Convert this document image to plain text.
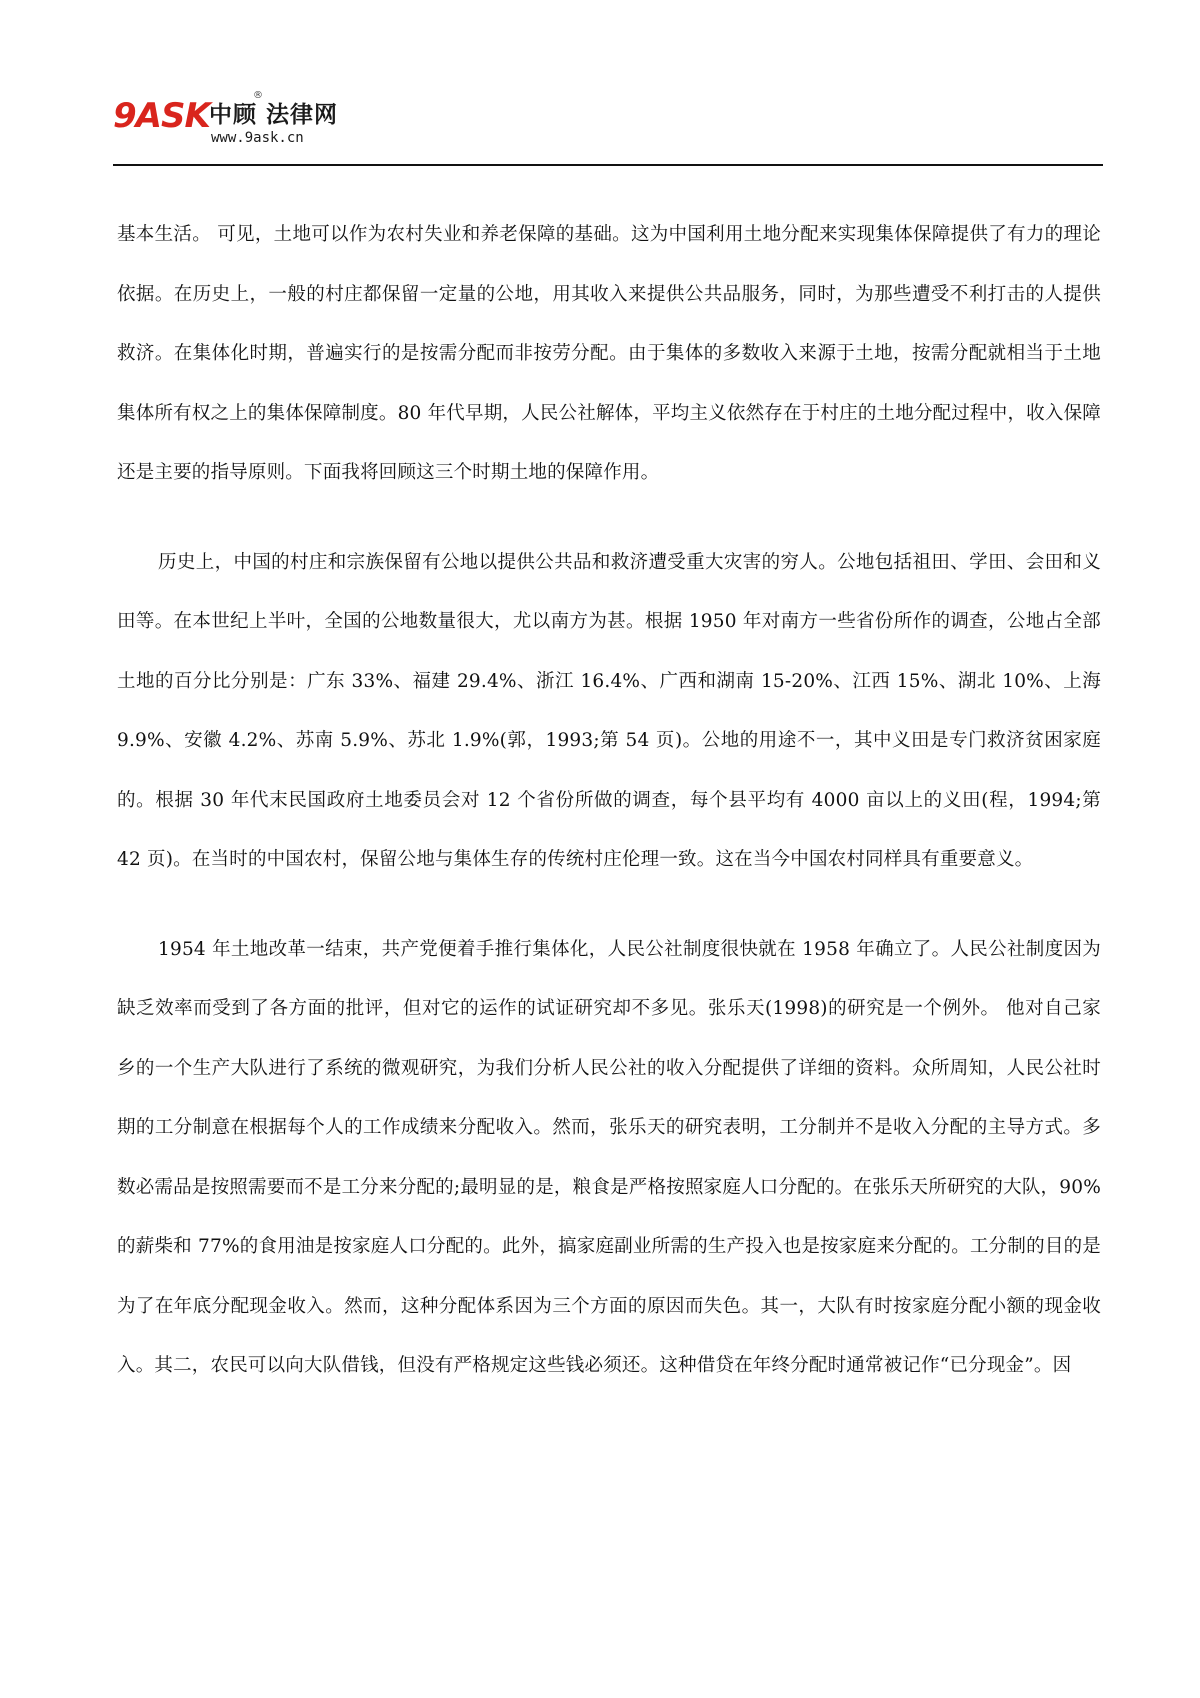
9ASK 中顾 法律网
®
www.9ask.cn

基本生活。 可见，土地可以作为农村失业和养老保障的基础。这为中国利用土地分配来实现集体保障提供了有力的理论依据。在历史上，一般的村庄都保留一定量的公地，用其收入来提供公共品服务，同时，为那些遭受不利打击的人提供救济。在集体化时期，普遍实行的是按需分配而非按劳分配。由于集体的多数收入来源于土地，按需分配就相当于土地集体所有权之上的集体保障制度。80 年代早期，人民公社解体，平均主义依然存在于村庄的土地分配过程中，收入保障还是主要的指导原则。下面我将回顾这三个时期土地的保障作用。

历史上，中国的村庄和宗族保留有公地以提供公共品和救济遭受重大灾害的穷人。公地包括祖田、学田、会田和义田等。在本世纪上半叶，全国的公地数量很大，尤以南方为甚。根据 1950 年对南方一些省份所作的调查，公地占全部土地的百分比分别是：广东 33%、福建 29.4%、浙江 16.4%、广西和湖南 15-20%、江西 15%、湖北 10%、上海 9.9%、安徽 4.2%、苏南 5.9%、苏北 1.9%(郭，1993;第 54 页)。公地的用途不一，其中义田是专门救济贫困家庭的。根据 30 年代末民国政府土地委员会对 12 个省份所做的调查，每个县平均有 4000 亩以上的义田(程，1994;第 42 页)。在当时的中国农村，保留公地与集体生存的传统村庄伦理一致。这在当今中国农村同样具有重要意义。

1954 年土地改革一结束，共产党便着手推行集体化，人民公社制度很快就在 1958 年确立了。人民公社制度因为缺乏效率而受到了各方面的批评，但对它的运作的试证研究却不多见。张乐天(1998)的研究是一个例外。 他对自己家乡的一个生产大队进行了系统的微观研究，为我们分析人民公社的收入分配提供了详细的资料。众所周知，人民公社时期的工分制意在根据每个人的工作成绩来分配收入。然而，张乐天的研究表明，工分制并不是收入分配的主导方式。多数必需品是按照需要而不是工分来分配的;最明显的是，粮食是严格按照家庭人口分配的。在张乐天所研究的大队，90%的薪柴和 77%的食用油是按家庭人口分配的。此外，搞家庭副业所需的生产投入也是按家庭来分配的。工分制的目的是为了在年底分配现金收入。然而，这种分配体系因为三个方面的原因而失色。其一，大队有时按家庭分配小额的现金收入。其二，农民可以向大队借钱，但没有严格规定这些钱必须还。这种借贷在年终分配时通常被记作“已分现金”。因
